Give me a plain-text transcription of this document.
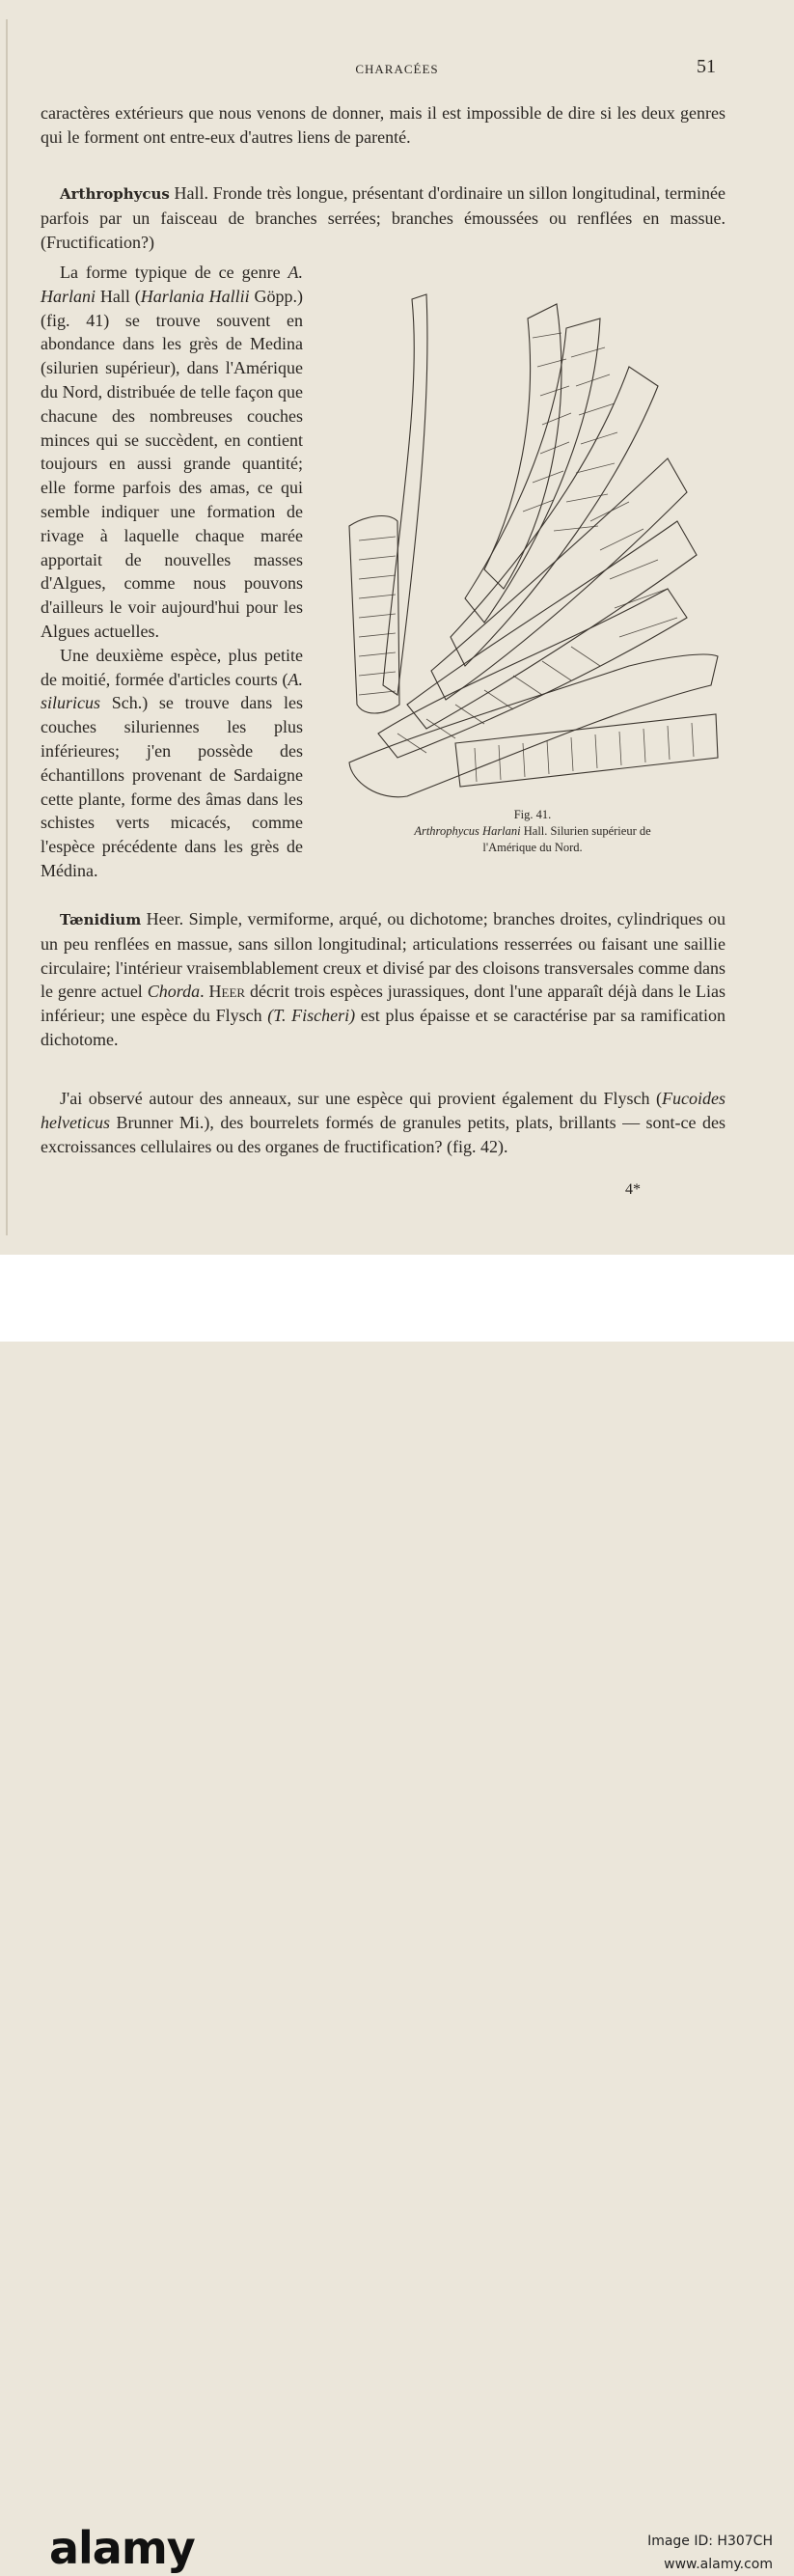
CHARACÉES	51

caractères extérieurs que nous venons de donner, mais il est impossible de dire si les deux genres qui le forment ont entre-eux d'autres liens de parenté.

Arthrophycus Hall. Fronde très longue, présentant d'ordinaire un sillon longitudinal, terminée parfois par un faisceau de branches serrées; branches émoussées ou renflées en massue. (Fructification?)

La forme typique de ce genre A. Harlani Hall (Harlania Hallii Göpp.) (fig. 41) se trouve souvent en abondance dans les grès de Medina (silurien supérieur), dans l'Amérique du Nord, distribuée de telle façon que chacune des nombreuses couches minces qui se succèdent, en contient toujours en aussi grande quantité; elle forme parfois des amas, ce qui semble indiquer une formation de rivage à laquelle chaque marée apportait de nouvelles masses d'Algues, comme nous pouvons d'ailleurs le voir aujourd'hui pour les Algues actuelles.

Une deuxième espèce, plus petite de moitié, formée d'articles courts (A. siluricus Sch.) se trouve dans les couches siluriennes les plus inférieures; j'en possède des échantillons provenant de Sardaigne cette plante, forme des âmas dans les schistes verts micacés, comme l'espèce précédente dans les grès de Médina.

Fig. 41.
Arthrophycus Harlani Hall. Silurien supérieur de
l'Amérique du Nord.

Tænidium Heer. Simple, vermiforme, arqué, ou dichotome; branches droites, cylindriques ou un peu renflées en massue, sans sillon longitudinal; articulations resserrées ou faisant une saillie circulaire; l'intérieur vraisemblablement creux et divisé par des cloisons transversales comme dans le genre actuel Chorda. Heer décrit trois espèces jurassiques, dont l'une apparaît déjà dans le Lias inférieur; une espèce du Flysch (T. Fischeri) est plus épaisse et se caractérise par sa ramification dichotome.

J'ai observé autour des anneaux, sur une espèce qui provient également du Flysch (Fucoides helveticus Brunner Mi.), des bourrelets formés de granules petits, plats, brillants — sont-ce des excroissances cellulaires ou des organes de fructification? (fig. 42).

4*
alamy	Image ID: H307CH
www.alamy.com
